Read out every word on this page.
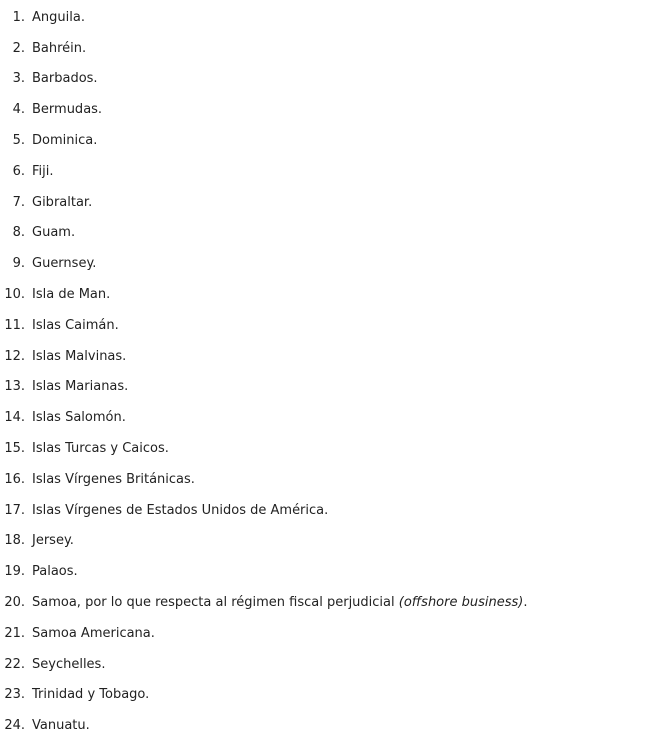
1. Anguila.
2. Bahréin.
3. Barbados.
4. Bermudas.
5. Dominica.
6. Fiji.
7. Gibraltar.
8. Guam.
9. Guernsey.
10. Isla de Man.
11. Islas Caimán.
12. Islas Malvinas.
13. Islas Marianas.
14. Islas Salomón.
15. Islas Turcas y Caicos.
16. Islas Vírgenes Británicas.
17. Islas Vírgenes de Estados Unidos de América.
18. Jersey.
19. Palaos.
20. Samoa, por lo que respecta al régimen fiscal perjudicial (offshore business).
21. Samoa Americana.
22. Seychelles.
23. Trinidad y Tobago.
24. Vanuatu.
